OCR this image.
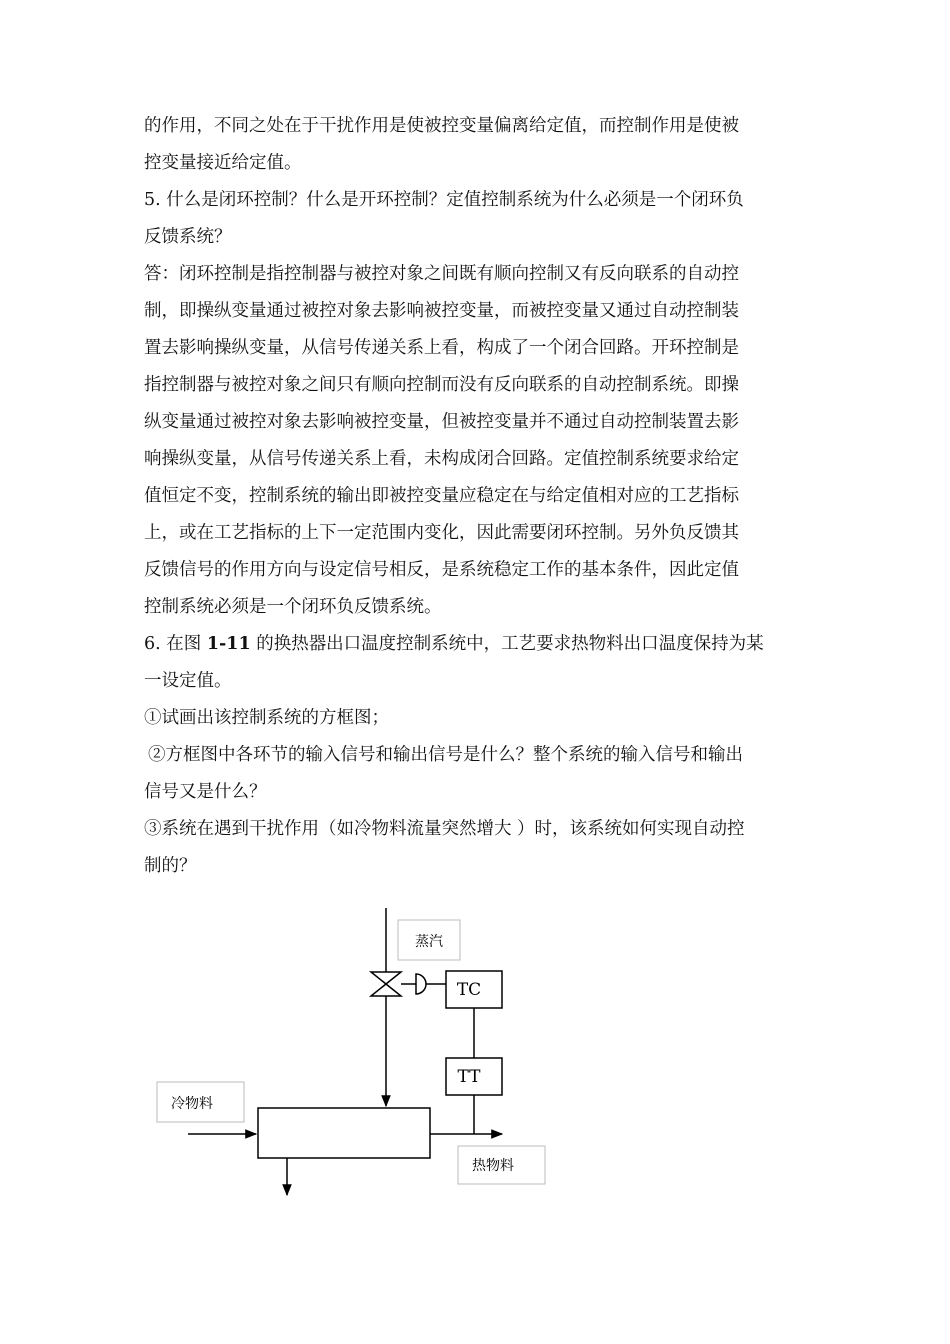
的作用，不同之处在于干扰作用是使被控变量偏离给定值，而控制作用是使被
控变量接近给定值。
5. 什么是闭环控制？什么是开环控制？定值控制系统为什么必须是一个闭环负
反馈系统？
答：闭环控制是指控制器与被控对象之间既有顺向控制又有反向联系的自动控
制，即操纵变量通过被控对象去影响被控变量，而被控变量又通过自动控制装
置去影响操纵变量，从信号传递关系上看，构成了一个闭合回路。开环控制是
指控制器与被控对象之间只有顺向控制而没有反向联系的自动控制系统。即操
纵变量通过被控对象去影响被控变量，但被控变量并不通过自动控制装置去影
响操纵变量，从信号传递关系上看，未构成闭合回路。定值控制系统要求给定
值恒定不变，控制系统的输出即被控变量应稳定在与给定值相对应的工艺指标
上，或在工艺指标的上下一定范围内变化，因此需要闭环控制。另外负反馈其
反馈信号的作用方向与设定信号相反，是系统稳定工作的基本条件，因此定值
控制系统必须是一个闭环负反馈系统。
6. 在图 1-11 的换热器出口温度控制系统中，工艺要求热物料出口温度保持为某
一设定值。
①试画出该控制系统的方框图；
②方框图中各环节的输入信号和输出信号是什么？整个系统的输入信号和输出
信号又是什么？
③系统在遇到干扰作用（如冷物料流量突然增大 ）时，该系统如何实现自动控
制的？
蒸汽
TC
TT
冷物料
热物料
